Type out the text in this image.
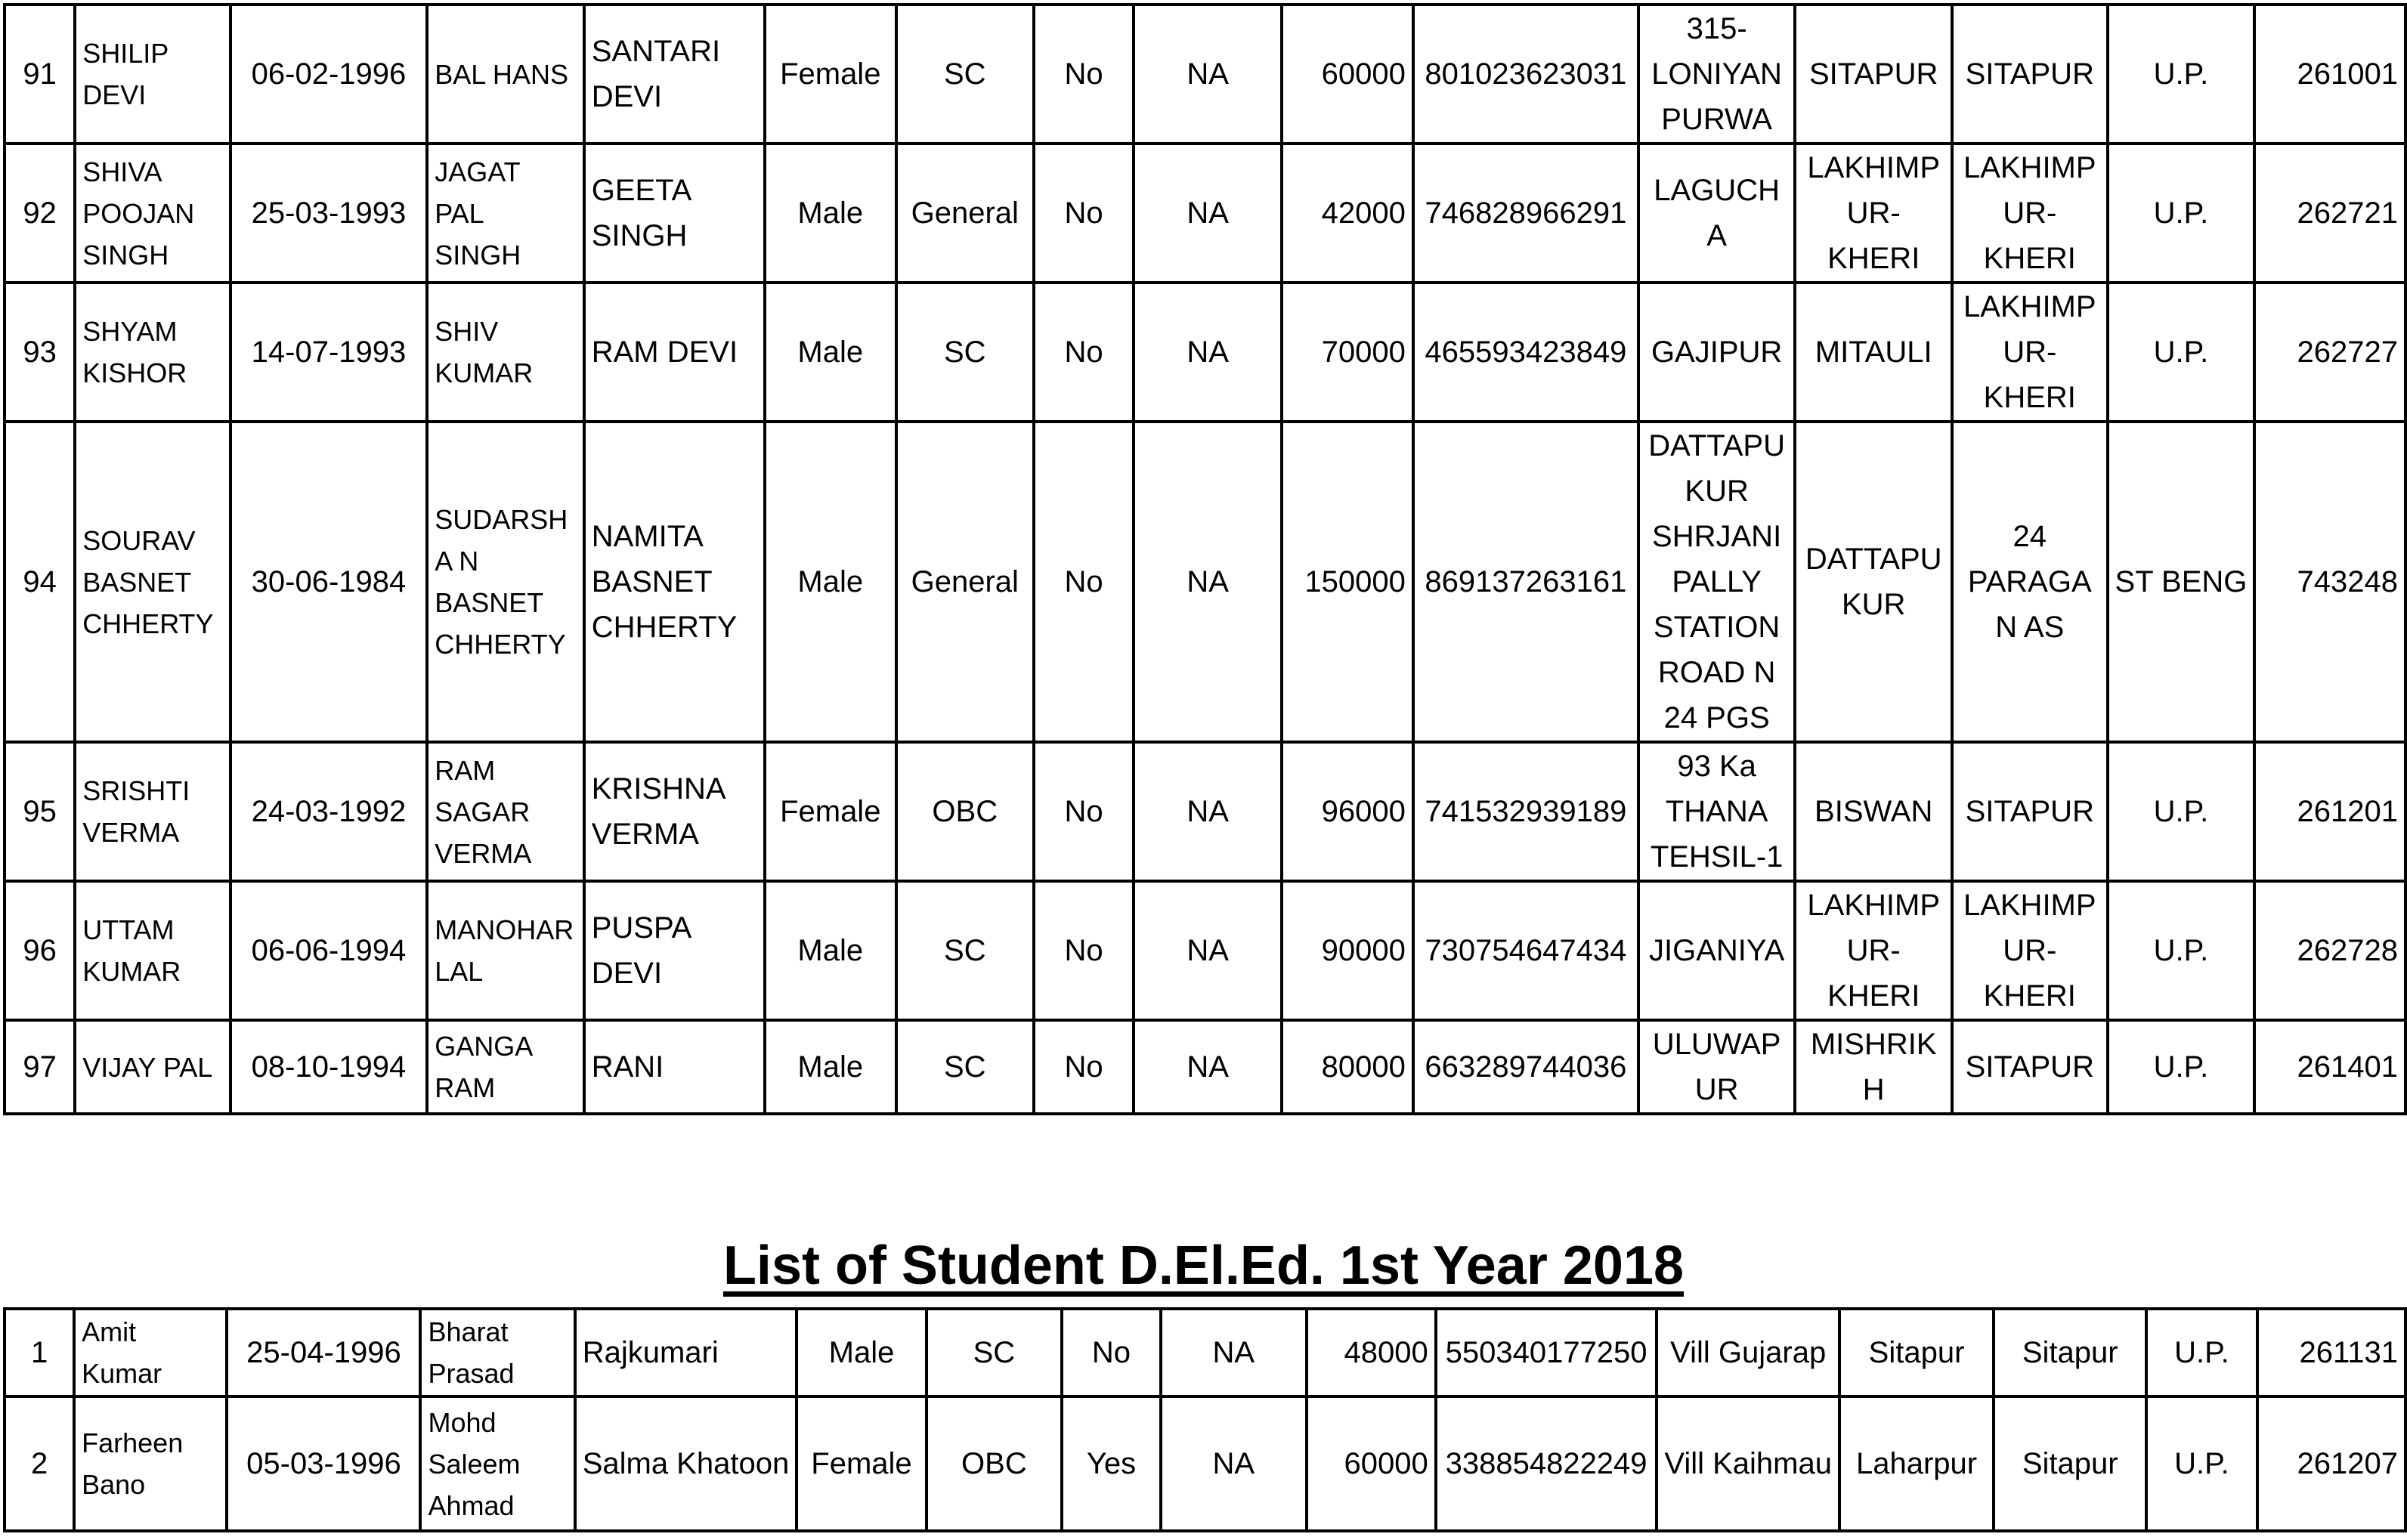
91	SHILIP DEVI	06-02-1996	BAL HANS	SANTARI DEVI	Female	SC	No	NA	60000	801023623031	315- LONIYAN PURWA	SITAPUR	SITAPUR	U.P.	261001
92	SHIVA POOJAN SINGH	25-03-1993	JAGAT PAL SINGH	GEETA SINGH	Male	General	No	NA	42000	746828966291	LAGUCHA	LAKHIMP UR-KHERI	LAKHIMP UR-KHERI	U.P.	262721
93	SHYAM KISHOR	14-07-1993	SHIV KUMAR	RAM DEVI	Male	SC	No	NA	70000	465593423849	GAJIPUR	MITAULI	LAKHIMP UR-KHERI	U.P.	262727
94	SOURAV BASNET CHHERTY	30-06-1984	SUDARSHA N BASNET CHHERTY	NAMITA BASNET CHHERTY	Male	General	No	NA	150000	869137263161	DATTAPU KUR SHRJANI PALLY STATION ROAD N 24 PGS	DATTAPU KUR	24 PARAGAN AS	ST BENG	743248
95	SRISHTI VERMA	24-03-1992	RAM SAGAR VERMA	KRISHNA VERMA	Female	OBC	No	NA	96000	741532939189	93 Ka THANA TEHSIL-1	BISWAN	SITAPUR	U.P.	261201
96	UTTAM KUMAR	06-06-1994	MANOHAR LAL	PUSPA DEVI	Male	SC	No	NA	90000	730754647434	JIGANIYA	LAKHIMP UR-KHERI	LAKHIMP UR-KHERI	U.P.	262728
97	VIJAY PAL	08-10-1994	GANGA RAM	RANI	Male	SC	No	NA	80000	663289744036	ULUWAP UR	MISHRIKH	SITAPUR	U.P.	261401
List of Student D.El.Ed. 1st Year 2018
1	Amit Kumar	25-04-1996	Bharat Prasad	Rajkumari	Male	SC	No	NA	48000	550340177250	Vill Gujarap	Sitapur	Sitapur	U.P.	261131
2	Farheen Bano	05-03-1996	Mohd Saleem Ahmad	Salma Khatoon	Female	OBC	Yes	NA	60000	338854822249	Vill Kaihmau	Laharpur	Sitapur	U.P.	261207
